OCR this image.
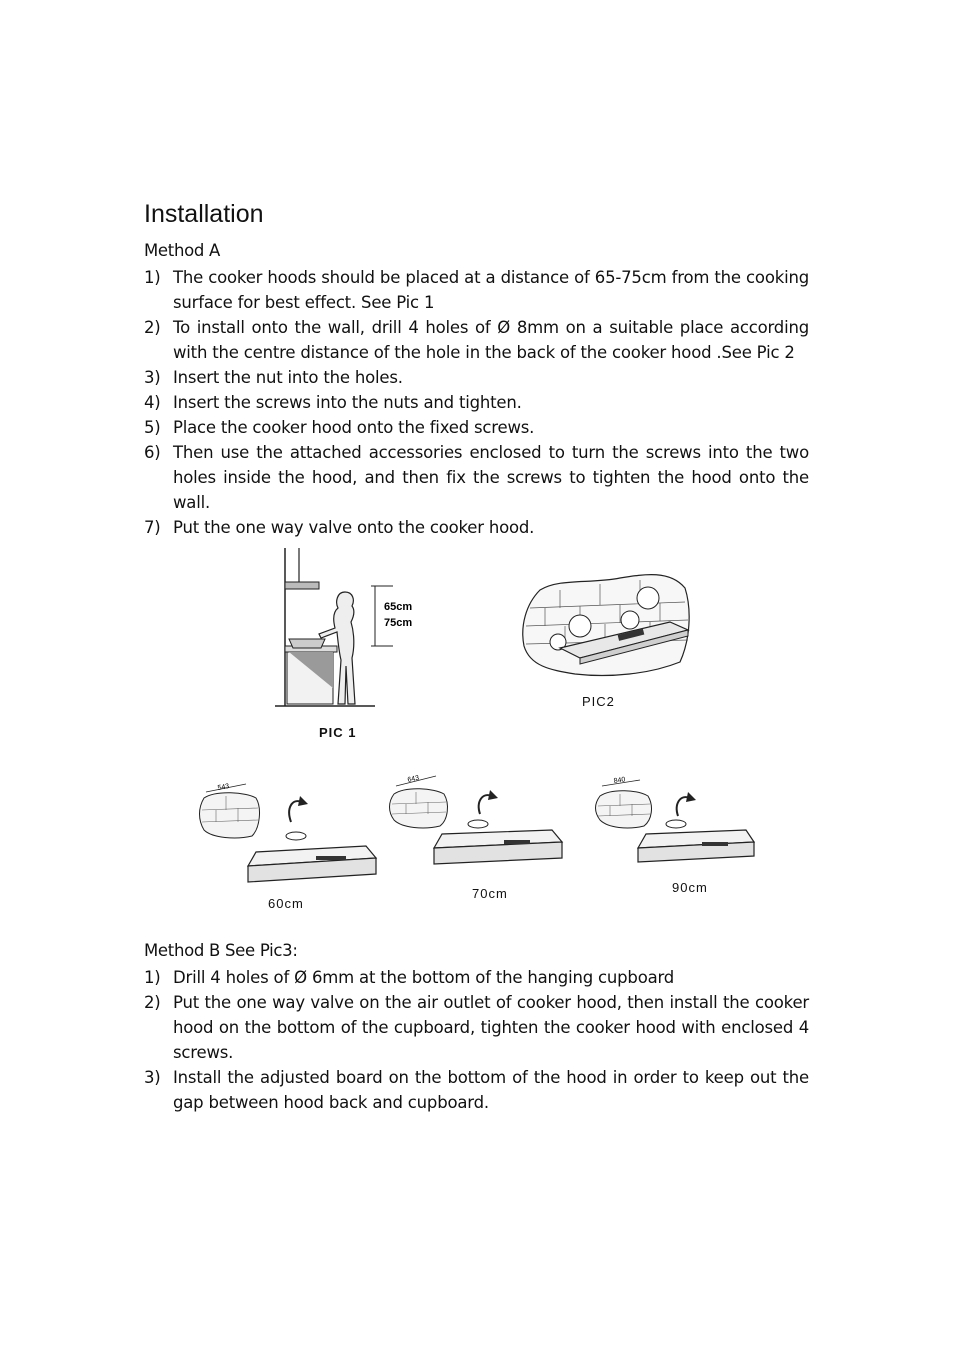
Installation
Method A
1) The cooker hoods should be placed at a distance of 65-75cm from the cooking surface for best effect. See Pic 1
2) To install onto the wall, drill 4 holes of Ø 8mm on a suitable place according with the centre distance of the hole in the back of the cooker hood .See Pic 2
3) Insert the nut into the holes.
4) Insert the screws into the nuts and tighten.
5) Place the cooker hood onto the fixed screws.
6) Then use the attached accessories enclosed to turn the screws into the two holes inside the hood, and then fix the screws to tighten the hood onto the wall.
7) Put the one way valve onto the cooker hood.
65cm
75cm
PIC 1
PIC2
543
60cm
643
70cm
840
90cm
Method B See Pic3:
1) Drill 4 holes of Ø 6mm at the bottom of the hanging cupboard
2) Put the one way valve on the air outlet of cooker hood, then install the cooker hood on the bottom of the cupboard, tighten the cooker hood with enclosed 4 screws.
3) Install the adjusted board on the bottom of the hood in order to keep out the gap between hood back and cupboard.
